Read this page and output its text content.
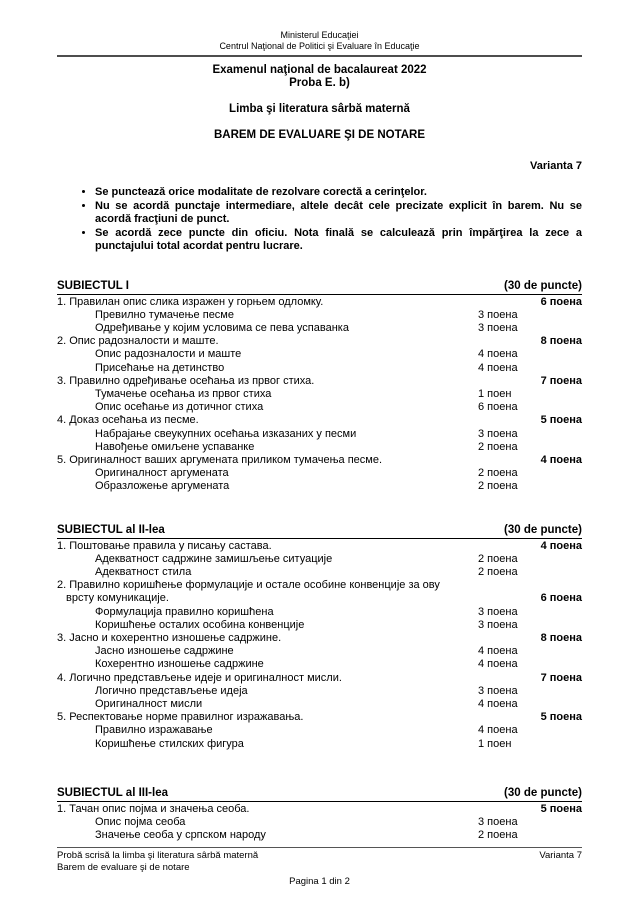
Ministerul Educaţiei
Centrul Naţional de Politici şi Evaluare în Educaţie
Examenul naţional de bacalaureat 2022
Proba E. b)
Limba şi literatura sârbă maternă
BAREM DE EVALUARE ŞI DE NOTARE
Varianta 7
• Se punctează orice modalitate de rezolvare corectă a cerinţelor.
• Nu se acordă punctaje intermediare, altele decât cele precizate explicit în barem. Nu se acordă fracţiuni de punct.
• Se acordă zece puncte din oficiu. Nota finală se calculează prin împărţirea la zece a punctajului total acordat pentru lucrare.
SUBIECTUL I	(30 de puncte)
1. Правилан опис слика изражен у горњем одломку.	6 поена
Превилно тумачење песме	3 поена
Одређивање у којим условима се пева успаванка	3 поена
2. Опис радозналости и маште.	8 поена
Опис радозналости и маште	4 поена
Присећање на детинство	4 поена
3. Правилно одређивање осећања из првог стиха.	7 поена
Тумачење осећања из првог стиха	1 поен
Опис осећање из дотичног стиха	6 поена
4. Доказ осећања из песме.	5 поена
Набрајање свеукупних осећања изказаних у песми	3 поена
Навођење омиљене успаванке	2 поена
5. Оригиналност ваших аргумената приликом тумачења песме.	4 поена
Оригиналност аргумената	2 поена
Образложење аргумената	2 поена
SUBIECTUL al II-lea	(30 de puncte)
1. Поштовање правила у писању састава.	4 поена
Адекватност садржине замишљење ситуације	2 поена
Адекватност стила	2 поена
2. Правилно коришћење формулације и остале особине конвенције за ову
врсту комуникације.	6 поена
Формулација правилно коришћена	3 поена
Коришћење осталих особина конвенције	3 поена
3. Јасно и кохерентно изношење садржине.	8 поена
Јасно изношење садржине	4 поена
Кохерентно изношење садржине	4 поена
4. Логично представљење идеје и оригиналност мисли.	7 поена
Логично представљење идеја	3 поена
Оригиналност мисли	4 поена
5. Респектовање норме правилног изражавања.	5 поена
Правилно изражавање	4 поена
Коришћење стилских фигура	1 поен
SUBIECTUL al III-lea	(30 de puncte)
1. Тачан опис појма и значења сеоба.	5 поена
Опис појма сеоба	3 поена
Значење сеоба у српском народу	2 поена
Probă scrisă la limba şi literatura sârbă maternă	Varianta 7
Barem de evaluare şi de notare
Pagina 1 din 2
